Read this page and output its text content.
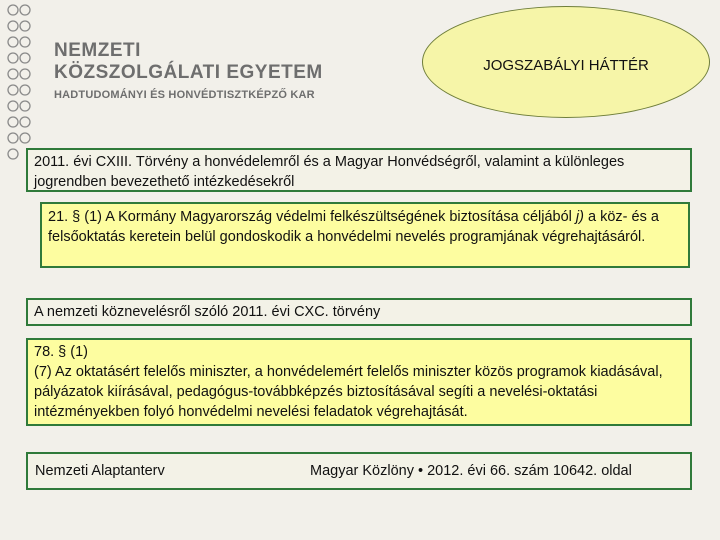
NEMZETI
KÖZSZOLGÁLATI EGYETEM
HADTUDOMÁNYI ÉS HONVÉDTISZTKÉPZŐ KAR
JOGSZABÁLYI HÁTTÉR
2011. évi CXIII. Törvény a honvédelemről és a Magyar Honvédségről, valamint a különleges jogrendben bevezethető intézkedésekről
21. § (1) A Kormány Magyarország védelmi felkészültségének biztosítása céljából j) a köz- és a felsőoktatás keretein belül gondoskodik a honvédelmi nevelés programjának végrehajtásáról.
A nemzeti köznevelésről szóló 2011. évi CXC. törvény
78. § (1)
(7) Az oktatásért felelős miniszter, a honvédelemért felelős miniszter közös programok kiadásával, pályázatok kiírásával, pedagógus-továbbképzés biztosításával segíti a nevelési-oktatási intézményekben folyó honvédelmi nevelési feladatok végrehajtását.
Nemzeti Alaptanterv	Magyar Közlöny • 2012. évi 66. szám 10642. oldal
